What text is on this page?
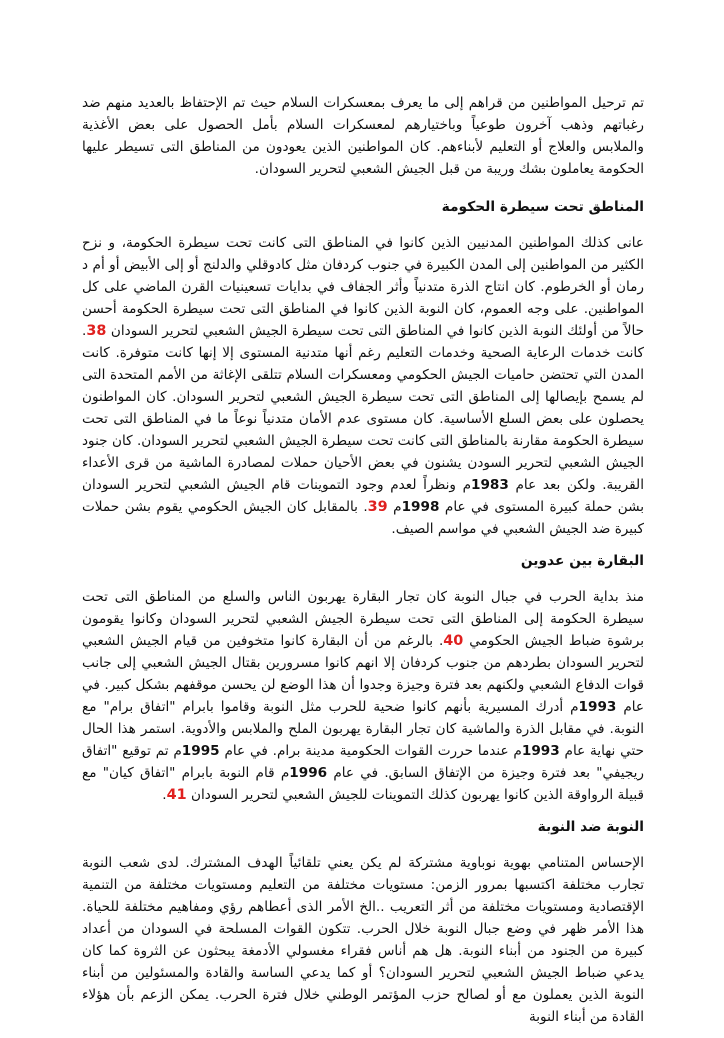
تم ترحيل المواطنين من قراهم إلى ما يعرف بمعسكرات السلام حيث تم الإحتفاظ بالعديد منهم ضد رغباتهم وذهب آخرون طوعياً وباختيارهم لمعسكرات السلام بأمل الحصول على بعض الأغذية والملابس والعلاج أو التعليم لأبناءهم. كان المواطنين الذين يعودون من المناطق التى تسيطر عليها الحكومة يعاملون بشك وريبة من قبل الجيش الشعبي لتحرير السودان.

المناطق تحت سيطرة الحكومة

عانى كذلك المواطنين المدنيين الذين كانوا في المناطق التى كانت تحت سيطرة الحكومة، و نزح الكثير من المواطنين إلى المدن الكبيرة في جنوب كردفان مثل كادوقلي والدلنج أو إلى الأبيض أو أم د رمان أو الخرطوم. كان انتاج الذرة متدنياً وأثر الجفاف في بدايات تسعينيات القرن الماضي على كل المواطنين. على وجه العموم، كان النوبة الذين كانوا في المناطق التى تحت سيطرة الحكومة أحسن حالاً من أولئك النوبة الذين كانوا في المناطق التى تحت سيطرة الجيش الشعبي لتحرير السودان 38. كانت خدمات الرعاية الصحية وخدمات التعليم رغم أنها متدنية المستوى إلا إنها كانت متوفرة. كانت المدن التي تحتضن حاميات الجيش الحكومي ومعسكرات السلام تتلقى الإغاثة من الأمم المتحدة التى لم يسمح بإيصالها إلى المناطق التى تحت سيطرة الجيش الشعبي لتحرير السودان. كان المواطنون يحصلون على بعض السلع الأساسية. كان مستوى عدم الأمان متدنياً نوعاً ما في المناطق التى تحت سيطرة الحكومة مقارنة بالمناطق التى كانت تحت سيطرة الجيش الشعبي لتحرير السودان. كان جنود الجيش الشعبي لتحرير السودن يشنون في بعض الأحيان حملات لمصادرة الماشية من قرى الأعداء القريبة. ولكن بعد عام 1983م ونظراً لعدم وجود التموينات قام الجيش الشعبي لتحرير السودان بشن حملة كبيرة المستوى في عام 1998م 39. بالمقابل كان الجيش الحكومي يقوم بشن حملات كبيرة ضد الجيش الشعبي في مواسم الصيف.

البقارة بين عدوين

منذ بداية الحرب في جبال النوبة كان تجار البقارة يهربون الناس والسلع من المناطق التى تحت سيطرة الحكومة إلى المناطق التى تحت سيطرة الجيش الشعبي لتحرير السودان وكانوا يقومون برشوة ضباط الجيش الحكومي 40. بالرغم من أن البقارة كانوا متخوفين من قيام الجيش الشعبي لتحرير السودان بطردهم من جنوب كردفان إلا انهم كانوا مسرورين بقتال الجيش الشعبي إلى جانب قوات الدفاع الشعبي ولكنهم بعد فترة وجيزة وجدوا أن هذا الوضع لن يحسن موقفهم بشكل كبير. في عام 1993م أدرك المسيرية بأنهم كانوا ضحية للحرب مثل النوبة وقاموا بابرام "اتفاق برام" مع النوبة. في مقابل الذرة والماشية كان تجار البقارة يهربون الملح والملابس والأدوية. استمر هذا الحال حتي نهاية عام 1993م عندما حررت القوات الحكومية مدينة برام. في عام 1995م تم توقيع "اتفاق ريجيفي" بعد فترة وجيزة من الإتفاق السابق. في عام 1996م قام النوبة بابرام "اتفاق كيان" مع قبيلة الرواوقة الذين كانوا يهربون كذلك التموينات للجيش الشعبي لتحرير السودان 41.

النوبة ضد النوبة

الإحساس المتنامي بهوية نوباوية مشتركة لم يكن يعني تلقائياً الهدف المشترك. لدى شعب النوبة تجارب مختلفة اكتسبها بمرور الزمن: مستويات مختلفة من التعليم ومستويات مختلفة من التنمية الإقتصادية ومستويات مختلفة من أثر التعريب ..الخ الأمر الذى أعطاهم رؤي ومفاهيم مختلفة للحياة. هذا الأمر ظهر في وضع جبال النوبة خلال الحرب. تتكون القوات المسلحة في السودان من أعداد كبيرة من الجنود من أبناء النوبة. هل هم أناس فقراء مغسولي الأدمغة يبحثون عن الثروة كما كان يدعي ضباط الجيش الشعبي لتحرير السودان؟ أو كما يدعي الساسة والقادة والمسئولين من أبناء النوبة الذين يعملون مع أو لصالح حزب المؤتمر الوطني خلال فترة الحرب. يمكن الزعم بأن هؤلاء القادة من أبناء النوبة
